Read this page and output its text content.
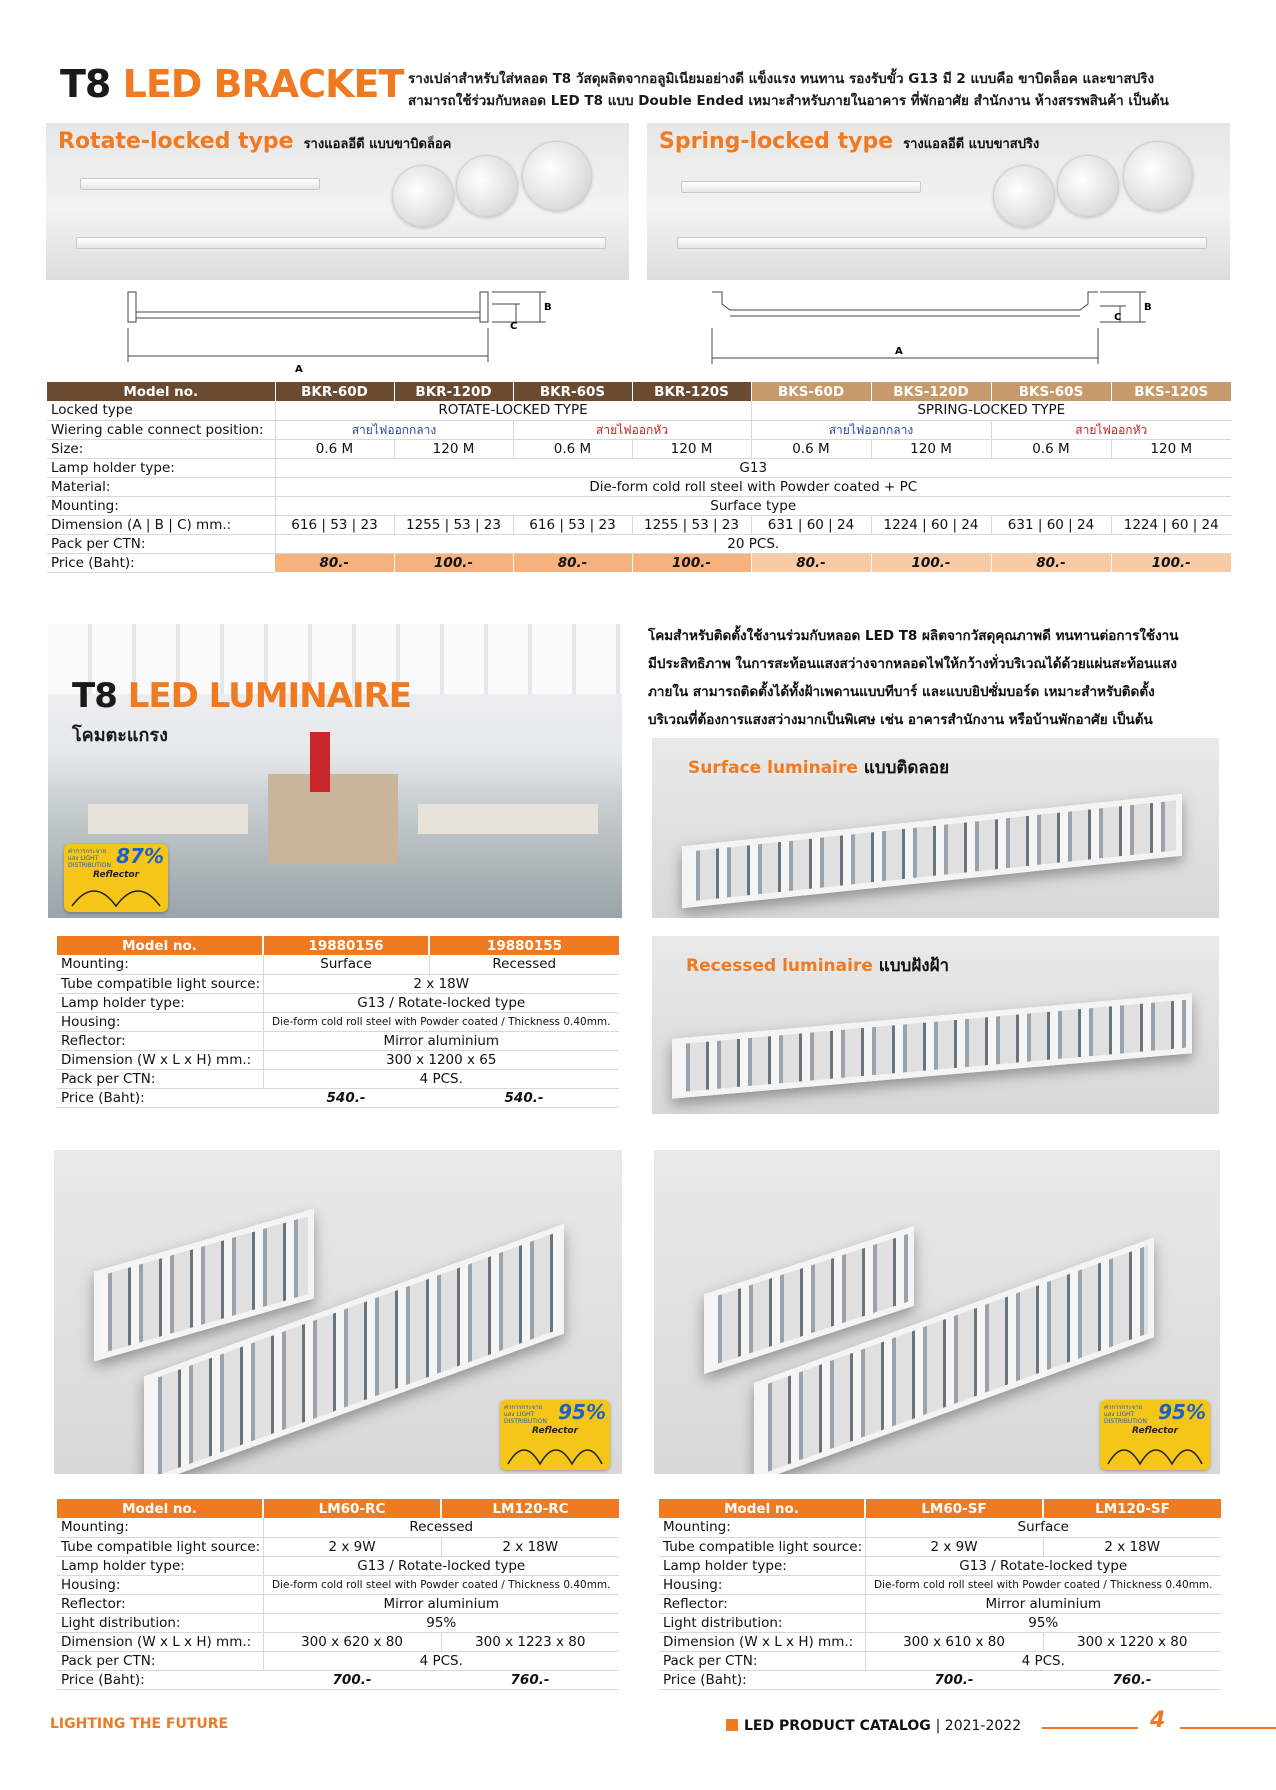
T8 LED BRACKET รางเปล่าสำหรับใส่หลอด T8 วัสดุผลิตจากอลูมิเนียมอย่างดี แข็งแรง ทนทาน รองรับขั้ว G13 มี 2 แบบคือ ขาบิดล็อค และขาสปริง
สามารถใช้ร่วมกับหลอด LED T8 แบบ Double Ended เหมาะสำหรับภายในอาคาร ที่พักอาศัย สำนักงาน ห้างสรรพสินค้า เป็นต้น
Rotate-locked type รางแอลอีดี แบบขาบิดล็อค	Spring-locked type รางแอลอีดี แบบขาสปริง
A
B
C
A
B
C
Model no.	BKR-60D	BKR-120D	BKR-60S	BKR-120S	BKS-60D	BKS-120D	BKS-60S	BKS-120S
Locked type	ROTATE-LOCKED TYPE				SPRING-LOCKED TYPE			
Wiering cable connect position:	สายไฟออกกลาง		สายไฟออกหัว		สายไฟออกกลาง		สายไฟออกหัว	
Size:	0.6 M	120 M	0.6 M	120 M	0.6 M	120 M	0.6 M	120 M
Lamp holder type:	G13							
Material:	Die-form cold roll steel with Powder coated + PC							
Mounting:	Surface type							
Dimension (A | B | C) mm.:	616 | 53 | 23	1255 | 53 | 23	616 | 53 | 23	1255 | 53 | 23	631 | 60 | 24	1224 | 60 | 24	631 | 60 | 24	1224 | 60 | 24
Pack per CTN:	20 PCS.							
Price (Baht):	80.-	100.-	80.-	100.-	80.-	100.-	80.-	100.-
T8 LED LUMINAIRE
โคมตะแกรง
ค่าการกระจายแสง LIGHT DISTRIBUTION 87%
Reflector
โคมสำหรับติดตั้งใช้งานร่วมกับหลอด LED T8 ผลิตจากวัสดุคุณภาพดี ทนทานต่อการใช้งาน
มีประสิทธิภาพ ในการสะท้อนแสงสว่างจากหลอดไฟให้กว้างทั่วบริเวณได้ด้วยแผ่นสะท้อนแสง
ภายใน สามารถติดตั้งได้ทั้งฝ้าเพดานแบบทีบาร์ และแบบยิปซั่มบอร์ด เหมาะสำหรับติดตั้ง
บริเวณที่ต้องการแสงสว่างมากเป็นพิเศษ เช่น อาคารสำนักงาน หรือบ้านพักอาศัย เป็นต้น
Surface luminaire แบบติดลอย
Recessed luminaire แบบฝังฝ้า
Model no.	19880156	19880155
Mounting:	Surface	Recessed
Tube compatible light source:	2 x 18W	
Lamp holder type:	G13 / Rotate-locked type	
Housing:	Die-form cold roll steel with Powder coated / Thickness 0.40mm.	
Reflector:	Mirror aluminium	
Dimension (W x L x H) mm.:	300 x 1200 x 65	
Pack per CTN:	4 PCS.	
Price (Baht):	540.-	540.-
ค่าการกระจายแสง LIGHT DISTRIBUTION 95%
Reflector
ค่าการกระจายแสง LIGHT DISTRIBUTION 95%
Reflector
Model no.	LM60-RC	LM120-RC
Mounting:	Recessed	
Tube compatible light source:	2 x 9W	2 x 18W
Lamp holder type:	G13 / Rotate-locked type	
Housing:	Die-form cold roll steel with Powder coated / Thickness 0.40mm.	
Reflector:	Mirror aluminium	
Light distribution:	95%	
Dimension (W x L x H) mm.:	300 x 620 x 80	300 x 1223 x 80
Pack per CTN:	4 PCS.	
Price (Baht):	700.-	760.-
Model no.	LM60-SF	LM120-SF
Mounting:	Surface	
Tube compatible light source:	2 x 9W	2 x 18W
Lamp holder type:	G13 / Rotate-locked type	
Housing:	Die-form cold roll steel with Powder coated / Thickness 0.40mm.	
Reflector:	Mirror aluminium	
Light distribution:	95%	
Dimension (W x L x H) mm.:	300 x 610 x 80	300 x 1220 x 80
Pack per CTN:	4 PCS.	
Price (Baht):	700.-	760.-
LIGHTING THE FUTURE	LED PRODUCT CATALOG | 2021-2022	4
